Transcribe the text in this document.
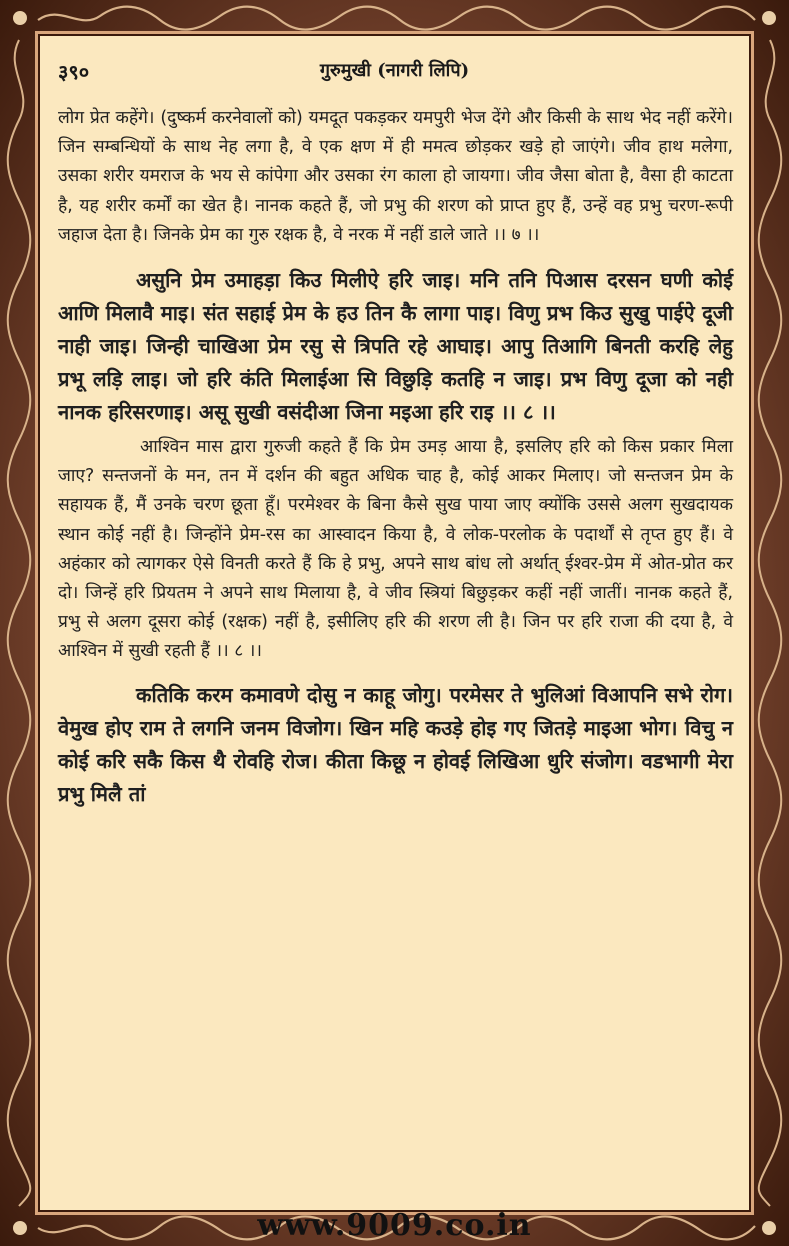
३९०	गुरुमुखी (नागरी लिपि)

लोग प्रेत कहेंगे। (दुष्कर्म करनेवालों को) यमदूत पकड़कर यमपुरी भेज देंगे और किसी के साथ भेद नहीं करेंगे। जिन सम्बन्धियों के साथ नेह लगा है, वे एक क्षण में ही ममत्व छोड़कर खड़े हो जाएंगे। जीव हाथ मलेगा, उसका शरीर यमराज के भय से कांपेगा और उसका रंग काला हो जायगा। जीव जैसा बोता है, वैसा ही काटता है, यह शरीर कर्मों का खेत है। नानक कहते हैं, जो प्रभु की शरण को प्राप्त हुए हैं, उन्हें वह प्रभु चरण-रूपी जहाज देता है। जिनके प्रेम का गुरु रक्षक है, वे नरक में नहीं डाले जाते ।। ७ ।।

असुनि प्रेम उमाहड़ा किउ मिलीऐ हरि जाइ। मनि तनि पिआस दरसन घणी कोई आणि मिलावै माइ। संत सहाई प्रेम के हउ तिन कै लागा पाइ। विणु प्रभ किउ सुखु पाईऐ दूजी नाही जाइ। जिन्ही चाखिआ प्रेम रसु से त्रिपति रहे आघाइ। आपु तिआगि बिनती करहि लेहु प्रभू लड़ि लाइ। जो हरि कंति मिलाईआ सि विछुड़ि कतहि न जाइ। प्रभ विणु दूजा को नही नानक हरिसरणाइ। असू सुखी वसंदीआ जिना मइआ हरि राइ ।। ८ ।।

आश्विन मास द्वारा गुरुजी कहते हैं कि प्रेम उमड़ आया है, इसलिए हरि को किस प्रकार मिला जाए? सन्तजनों के मन, तन में दर्शन की बहुत अधिक चाह है, कोई आकर मिलाए। जो सन्तजन प्रेम के सहायक हैं, मैं उनके चरण छूता हूँ। परमेश्वर के बिना कैसे सुख पाया जाए क्योंकि उससे अलग सुखदायक स्थान कोई नहीं है। जिन्होंने प्रेम-रस का आस्वादन किया है, वे लोक-परलोक के पदार्थों से तृप्त हुए हैं। वे अहंकार को त्यागकर ऐसे विनती करते हैं कि हे प्रभु, अपने साथ बांध लो अर्थात् ईश्वर-प्रेम में ओत-प्रोत कर दो। जिन्हें हरि प्रियतम ने अपने साथ मिलाया है, वे जीव स्त्रियां बिछुड़कर कहीं नहीं जातीं। नानक कहते हैं, प्रभु से अलग दूसरा कोई (रक्षक) नहीं है, इसीलिए हरि की शरण ली है। जिन पर हरि राजा की दया है, वे आश्विन में सुखी रहती हैं ।। ८ ।।

कतिकि करम कमावणे दोसु न काहू जोगु। परमेसर ते भुलिआं विआपनि सभे रोग। वेमुख होए राम ते लगनि जनम विजोग। खिन महि कउड़े होइ गए जितड़े माइआ भोग। विचु न कोई करि सकै किस थै रोवहि रोज। कीता किछू न होवई लिखिआ धुरि संजोग। वडभागी मेरा प्रभु मिलै तां

www.9009.co.in
